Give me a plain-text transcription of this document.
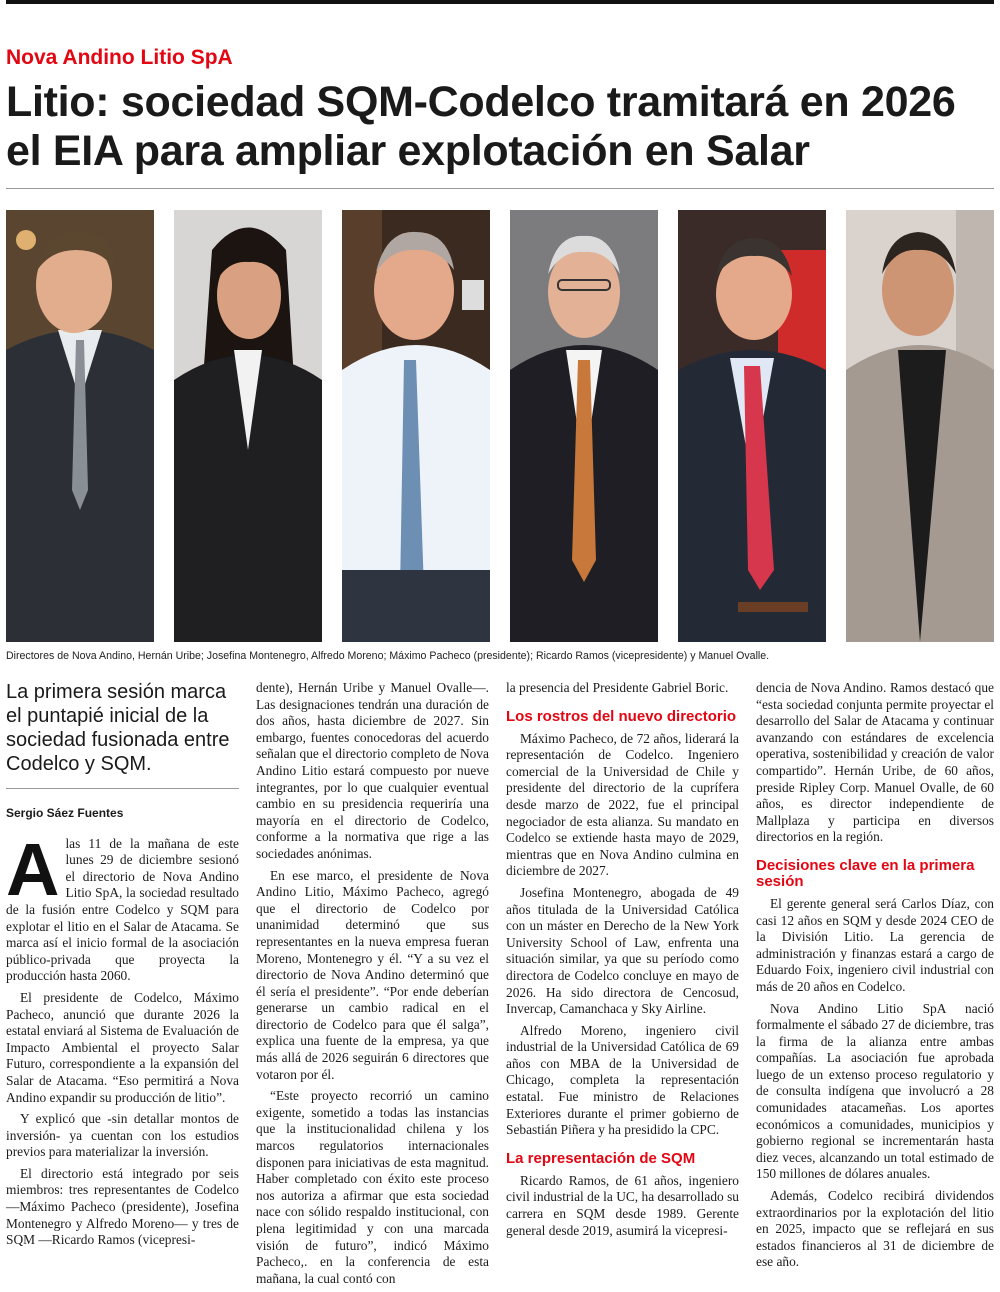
Nova Andino Litio SpA
Litio: sociedad SQM-Codelco tramitará en 2026 el EIA para ampliar explotación en Salar
Directores de Nova Andino, Hernán Uribe; Josefina Montenegro, Alfredo Moreno; Máximo Pacheco (presidente); Ricardo Ramos (vicepresidente) y Manuel Ovalle.
La primera sesión marca el puntapié inicial de la sociedad fusionada entre Codelco y SQM.
Sergio Sáez Fuentes

Alas 11 de la mañana de este lunes 29 de diciembre sesionó el directorio de Nova Andino Litio SpA, la sociedad resultado de la fusión entre Codelco y SQM para explotar el litio en el Salar de Atacama. Se marca así el inicio formal de la asociación público-privada que proyecta la producción hasta 2060.

El presidente de Codelco, Máximo Pacheco, anunció que durante 2026 la estatal enviará al Sistema de Evaluación de Impacto Ambiental el proyecto Salar Futuro, correspondiente a la expansión del Salar de Atacama. “Eso permitirá a Nova Andino expandir su producción de litio”.

Y explicó que -sin detallar montos de inversión- ya cuentan con los estudios previos para materializar la inversión.

El directorio está integrado por seis miembros: tres representantes de Codelco —Máximo Pacheco (presidente), Josefina Montenegro y Alfredo Moreno— y tres de SQM —Ricardo Ramos (vicepresi-

dente), Hernán Uribe y Manuel Ovalle—. Las designaciones tendrán una duración de dos años, hasta diciembre de 2027. Sin embargo, fuentes conocedoras del acuerdo señalan que el directorio completo de Nova Andino Litio estará compuesto por nueve integrantes, por lo que cualquier eventual cambio en su presidencia requeriría una mayoría en el directorio de Codelco, conforme a la normativa que rige a las sociedades anónimas.

En ese marco, el presidente de Nova Andino Litio, Máximo Pacheco, agregó que el directorio de Codelco por unanimidad determinó que sus representantes en la nueva empresa fueran Moreno, Montenegro y él. “Y a su vez el directorio de Nova Andino determinó que él sería el presidente”. “Por ende deberían generarse un cambio radical en el directorio de Codelco para que él salga”, explica una fuente de la empresa, ya que más allá de 2026 seguirán 6 directores que votaron por él.

“Este proyecto recorrió un camino exigente, sometido a todas las instancias que la institucionalidad chilena y los marcos regulatorios internacionales disponen para iniciativas de esta magnitud. Haber completado con éxito este proceso nos autoriza a afirmar que esta sociedad nace con sólido respaldo institucional, con plena legitimidad y con una marcada visión de futuro”, indicó Máximo Pacheco,. en la conferencia de esta mañana, la cual contó con

la presencia del Presidente Gabriel Boric.

Los rostros del nuevo directorio

Máximo Pacheco, de 72 años, liderará la representación de Codelco. Ingeniero comercial de la Universidad de Chile y presidente del directorio de la cuprífera desde marzo de 2022, fue el principal negociador de esta alianza. Su mandato en Codelco se extiende hasta mayo de 2029, mientras que en Nova Andino culmina en diciembre de 2027.

Josefina Montenegro, abogada de 49 años titulada de la Universidad Católica con un máster en Derecho de la New York University School of Law, enfrenta una situación similar, ya que su período como directora de Codelco concluye en mayo de 2026. Ha sido directora de Cencosud, Invercap, Camanchaca y Sky Airline.

Alfredo Moreno, ingeniero civil industrial de la Universidad Católica de 69 años con MBA de la Universidad de Chicago, completa la representación estatal. Fue ministro de Relaciones Exteriores durante el primer gobierno de Sebastián Piñera y ha presidido la CPC.

La representación de SQM

Ricardo Ramos, de 61 años, ingeniero civil industrial de la UC, ha desarrollado su carrera en SQM desde 1989. Gerente general desde 2019, asumirá la vicepresi-

dencia de Nova Andino. Ramos destacó que “esta sociedad conjunta permite proyectar el desarrollo del Salar de Atacama y continuar avanzando con estándares de excelencia operativa, sostenibilidad y creación de valor compartido”. Hernán Uribe, de 60 años, preside Ripley Corp. Manuel Ovalle, de 60 años, es director independiente de Mallplaza y participa en diversos directorios en la región.

Decisiones clave en la primera sesión

El gerente general será Carlos Díaz, con casi 12 años en SQM y desde 2024 CEO de la División Litio. La gerencia de administración y finanzas estará a cargo de Eduardo Foix, ingeniero civil industrial con más de 20 años en Codelco.

Nova Andino Litio SpA nació formalmente el sábado 27 de diciembre, tras la firma de la alianza entre ambas compañías. La asociación fue aprobada luego de un extenso proceso regulatorio y de consulta indígena que involucró a 28 comunidades atacameñas. Los aportes económicos a comunidades, municipios y gobierno regional se incrementarán hasta diez veces, alcanzando un total estimado de 150 millones de dólares anuales.

Además, Codelco recibirá dividendos extraordinarios por la explotación del litio en 2025, impacto que se reflejará en sus estados financieros al 31 de diciembre de ese año.
